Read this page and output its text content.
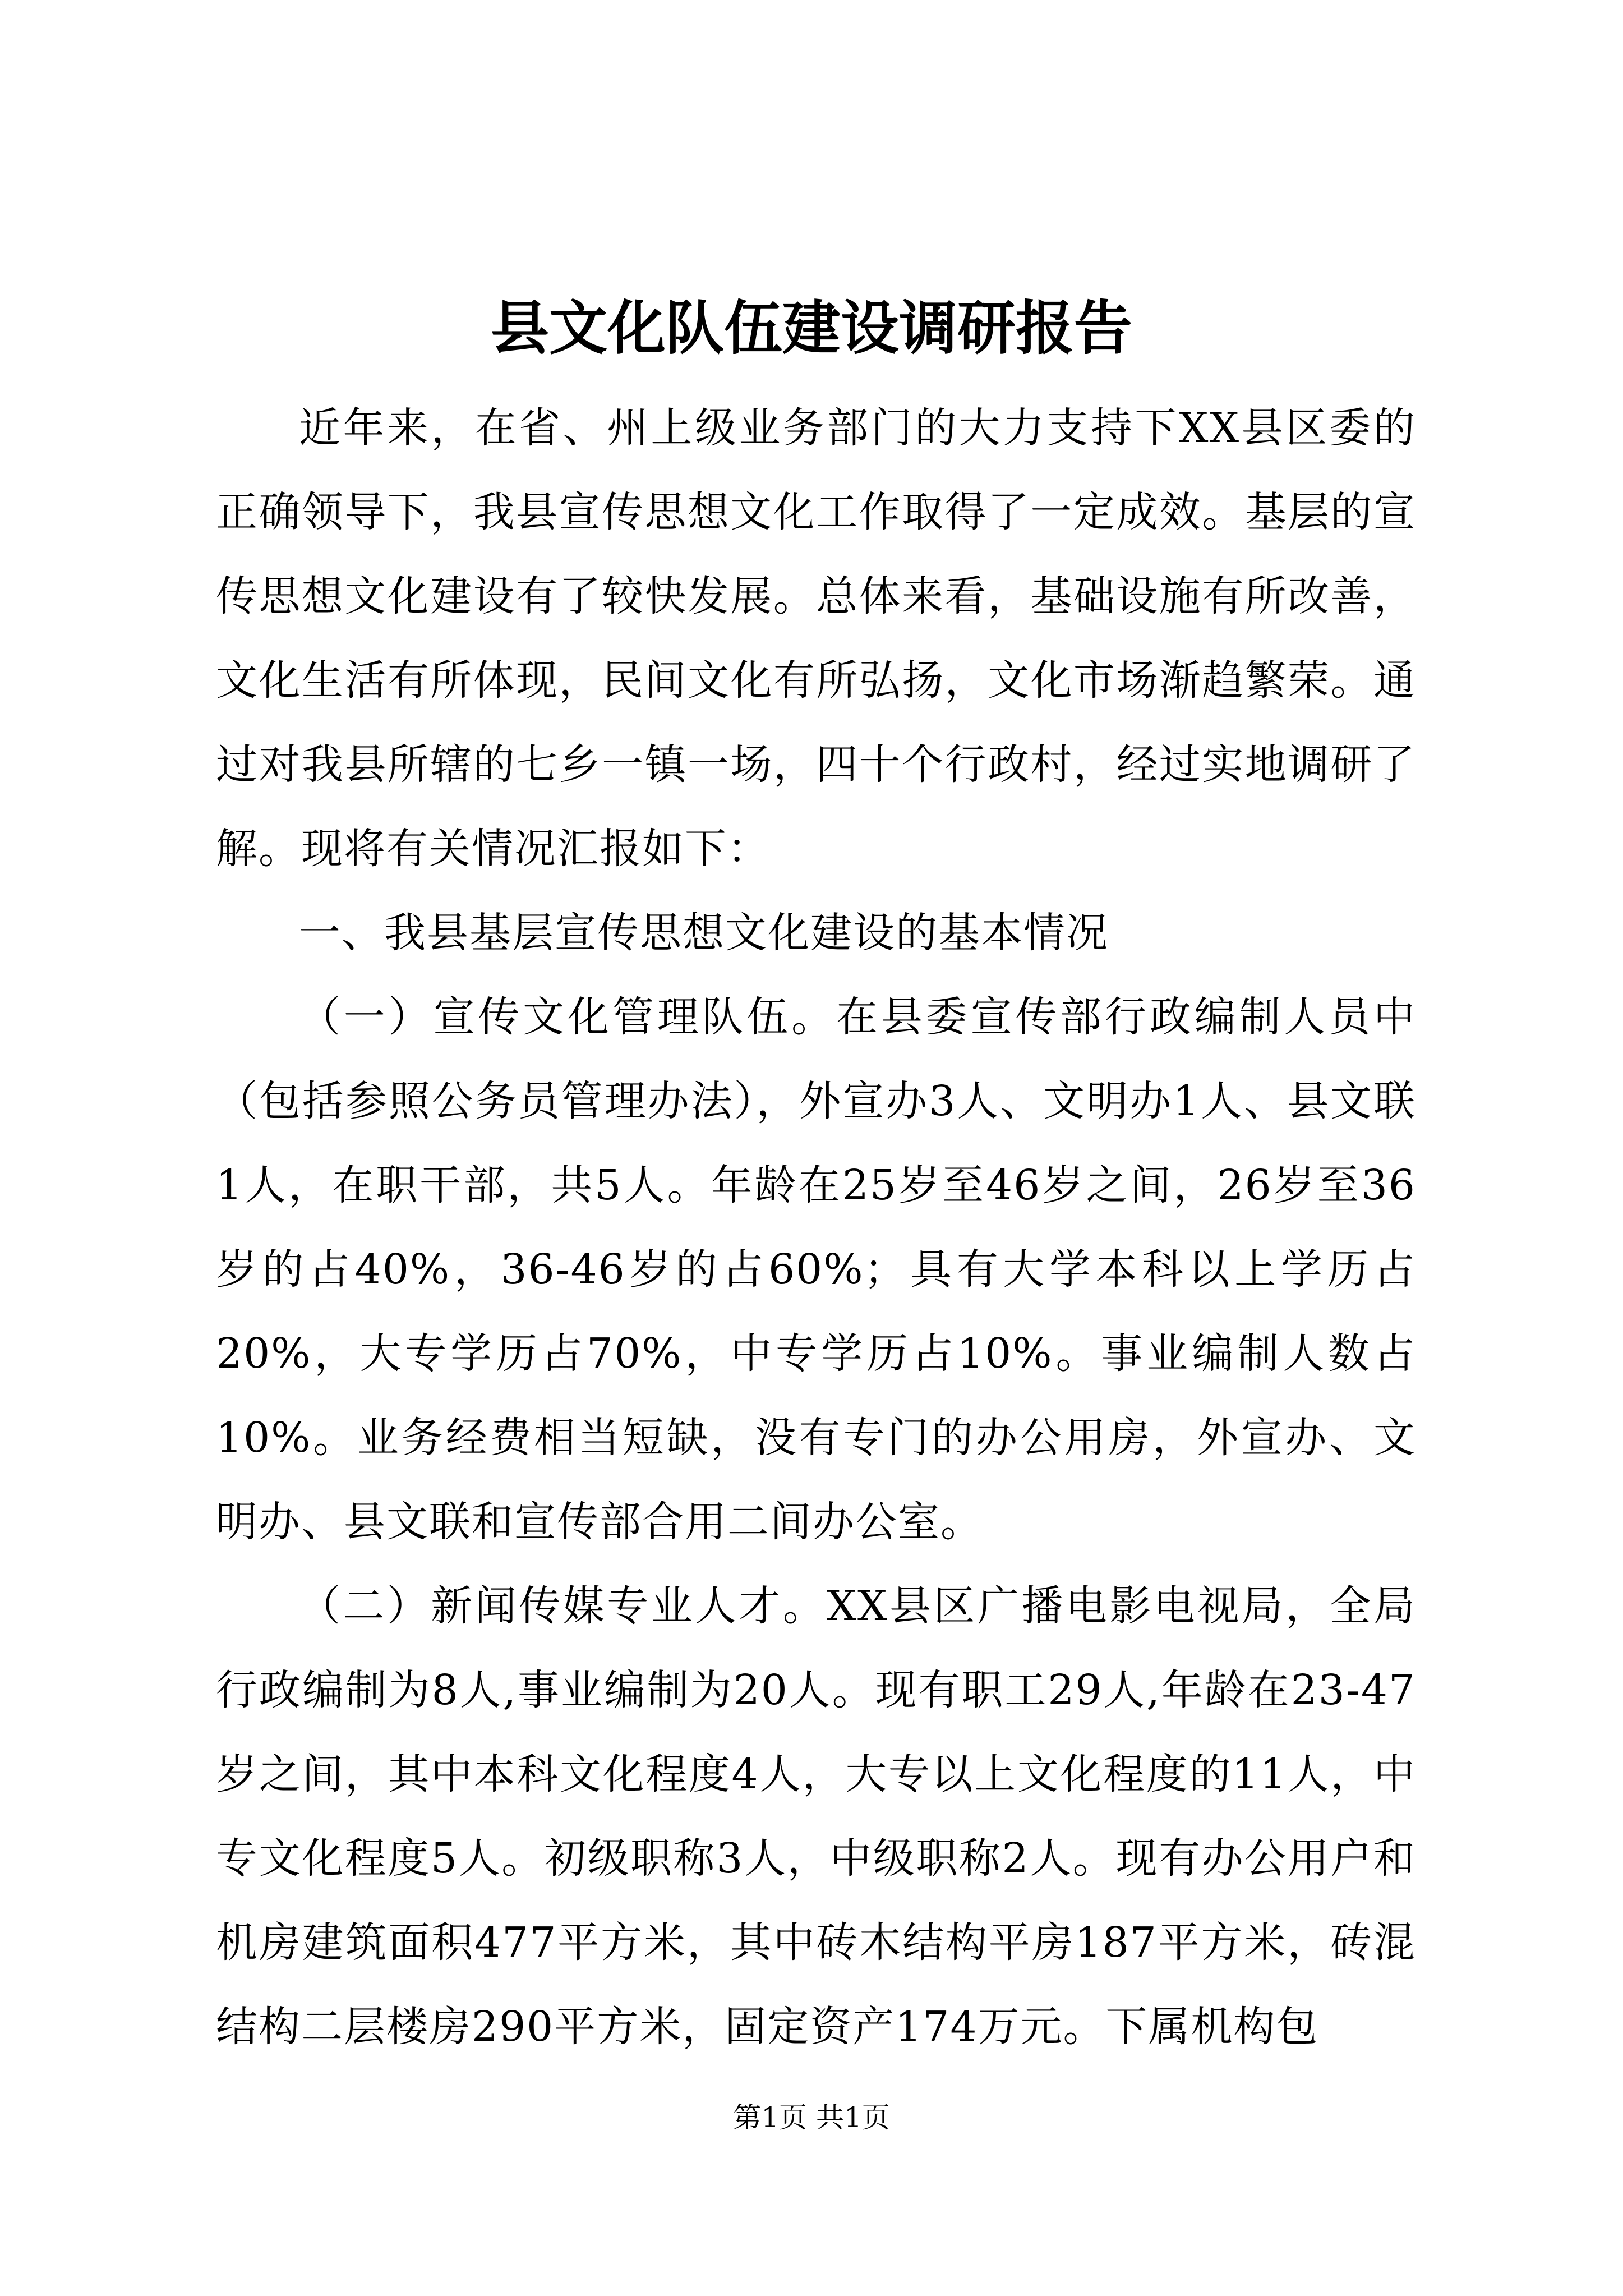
县文化队伍建设调研报告

近年来，在省、州上级业务部门的大力支持下XX县区委的正确领导下，我县宣传思想文化工作取得了一定成效。基层的宣传思想文化建设有了较快发展。总体来看，基础设施有所改善，文化生活有所体现，民间文化有所弘扬，文化市场渐趋繁荣。通过对我县所辖的七乡一镇一场，四十个行政村，经过实地调研了解。现将有关情况汇报如下：

一、我县基层宣传思想文化建设的基本情况

（一）宣传文化管理队伍。在县委宣传部行政编制人员中（包括参照公务员管理办法），外宣办3人、文明办1人、县文联1人，在职干部，共5人。年龄在25岁至46岁之间，26岁至36岁的占40%，36-46岁的占60%；具有大学本科以上学历占20%，大专学历占70%，中专学历占10%。事业编制人数占10%。业务经费相当短缺，没有专门的办公用房，外宣办、文明办、县文联和宣传部合用二间办公室。

（二）新闻传媒专业人才。XX县区广播电影电视局，全局行政编制为8人,事业编制为20人。现有职工29人,年龄在23-47岁之间，其中本科文化程度4人，大专以上文化程度的11人，中专文化程度5人。初级职称3人，中级职称2人。现有办公用户和机房建筑面积477平方米，其中砖木结构平房187平方米，砖混结构二层楼房290平方米，固定资产174万元。下属机构包

第1页 共1页
